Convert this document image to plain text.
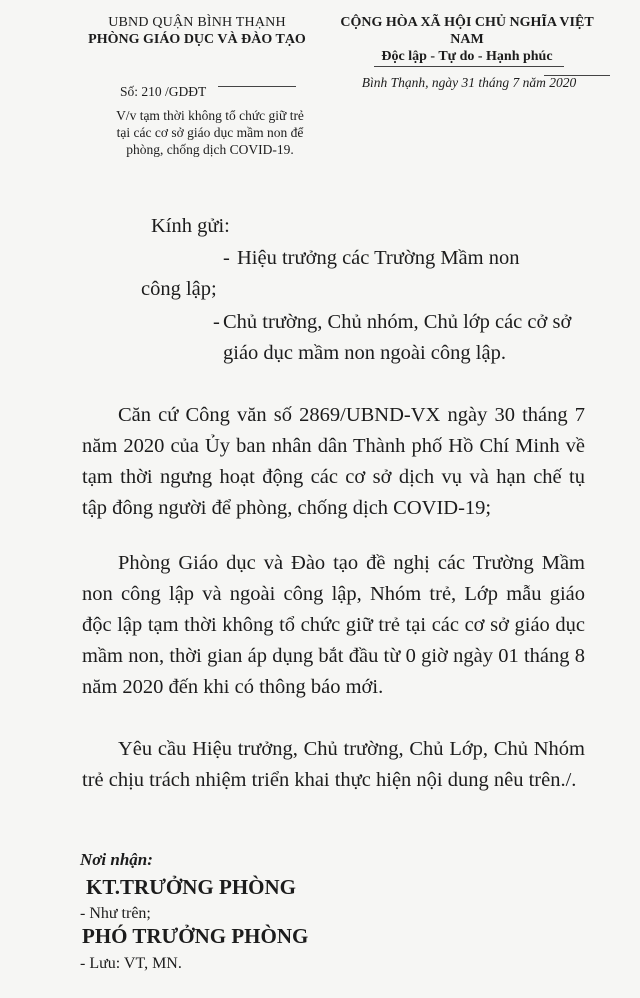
UBND QUẬN BÌNH THẠNH
PHÒNG GIÁO DỤC VÀ ĐÀO TẠO
CỘNG HÒA XÃ HỘI CHỦ NGHĨA VIỆT
NAM
Độc lập - Tự do - Hạnh phúc
Số: 210 /GDĐT
Bình Thạnh, ngày 31 tháng 7 năm 2020
V/v tạm thời không tổ chức giữ trẻ
tại các cơ sở giáo dục mầm non để
phòng, chống dịch COVID-19.
Kính gửi:
- Hiệu trưởng các Trường Mầm non
công lập;
- Chủ trường, Chủ nhóm, Chủ lớp các cở sở giáo dục mầm non ngoài công lập.
Căn cứ Công văn số 2869/UBND-VX ngày 30 tháng 7 năm 2020 của Ủy ban nhân dân Thành phố Hồ Chí Minh về tạm thời ngưng hoạt động các cơ sở dịch vụ và hạn chế tụ tập đông người để phòng, chống dịch COVID-19;
Phòng Giáo dục và Đào tạo đề nghị các Trường Mầm non công lập và ngoài công lập, Nhóm trẻ, Lớp mẫu giáo độc lập tạm thời không tổ chức giữ trẻ tại các cơ sở giáo dục mầm non, thời gian áp dụng bắt đầu từ 0 giờ ngày 01 tháng 8 năm 2020 đến khi có thông báo mới.
Yêu cầu Hiệu trưởng, Chủ trường, Chủ Lớp, Chủ Nhóm trẻ chịu trách nhiệm triển khai thực hiện nội dung nêu trên./.
Nơi nhận:
KT.TRƯỞNG PHÒNG
- Như trên;
PHÓ TRƯỞNG PHÒNG
- Lưu: VT, MN.
